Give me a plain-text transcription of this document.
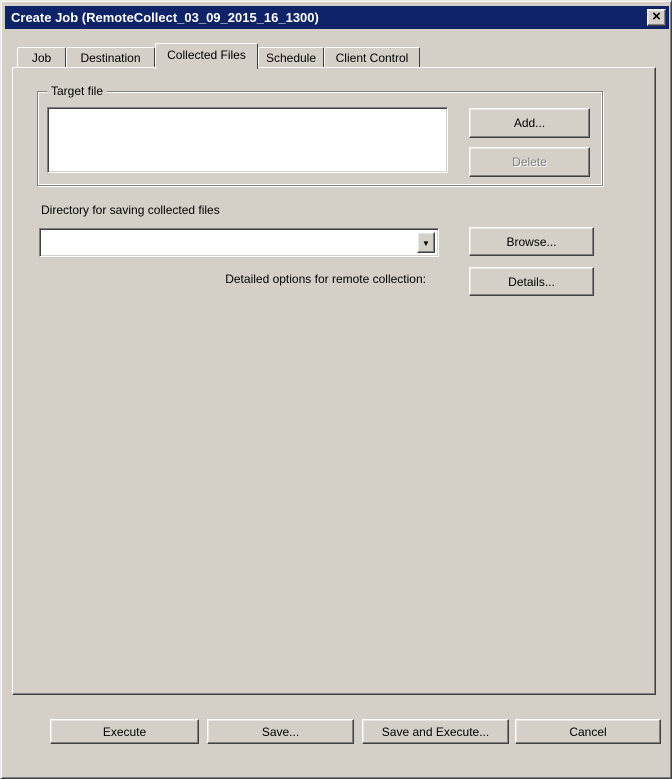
Create Job (RemoteCollect_03_09_2015_16_1300)	×
Job Destination Collected Files Schedule Client Control
Target file
Add...
Delete
Directory for saving collected files
▼	Browse...
Detailed options for remote collection:	Details...
Execute	Save...	Save and Execute...	Cancel
